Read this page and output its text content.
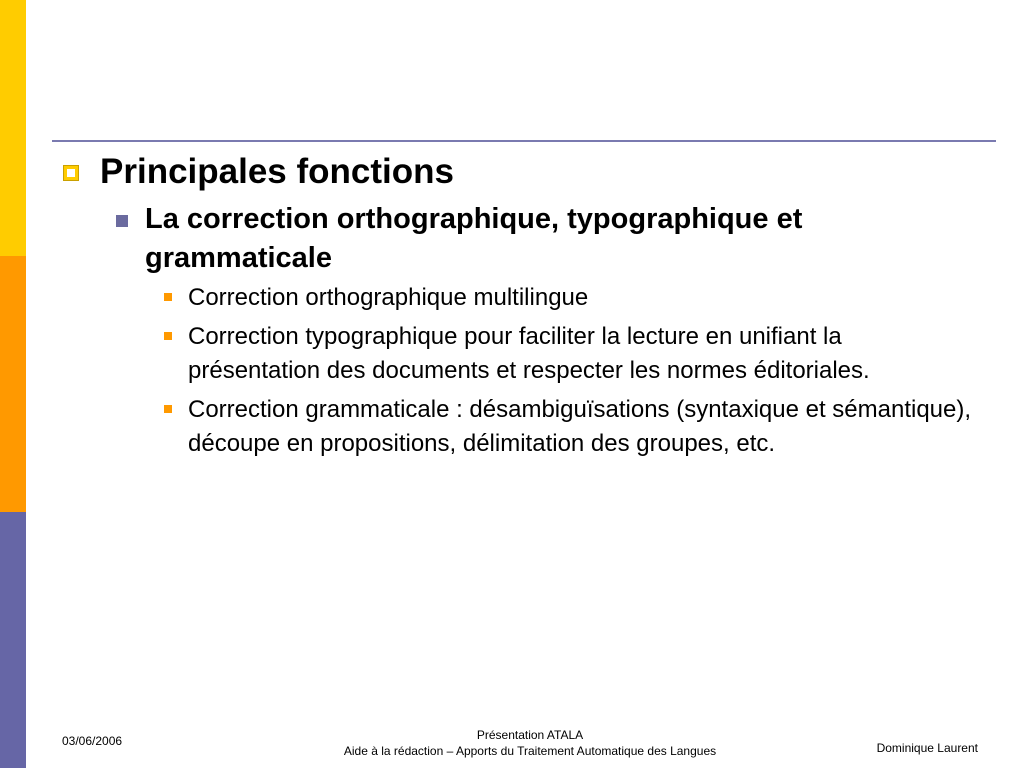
Principales fonctions
La correction orthographique, typographique et grammaticale
Correction orthographique multilingue
Correction typographique pour faciliter la lecture en unifiant la présentation des documents et respecter les normes éditoriales.
Correction grammaticale : désambiguïsations (syntaxique et sémantique), découpe en propositions, délimitation des groupes, etc.
03/06/2006	Présentation ATALA
Aide à la rédaction – Apports du Traitement Automatique des Langues	Dominique Laurent
